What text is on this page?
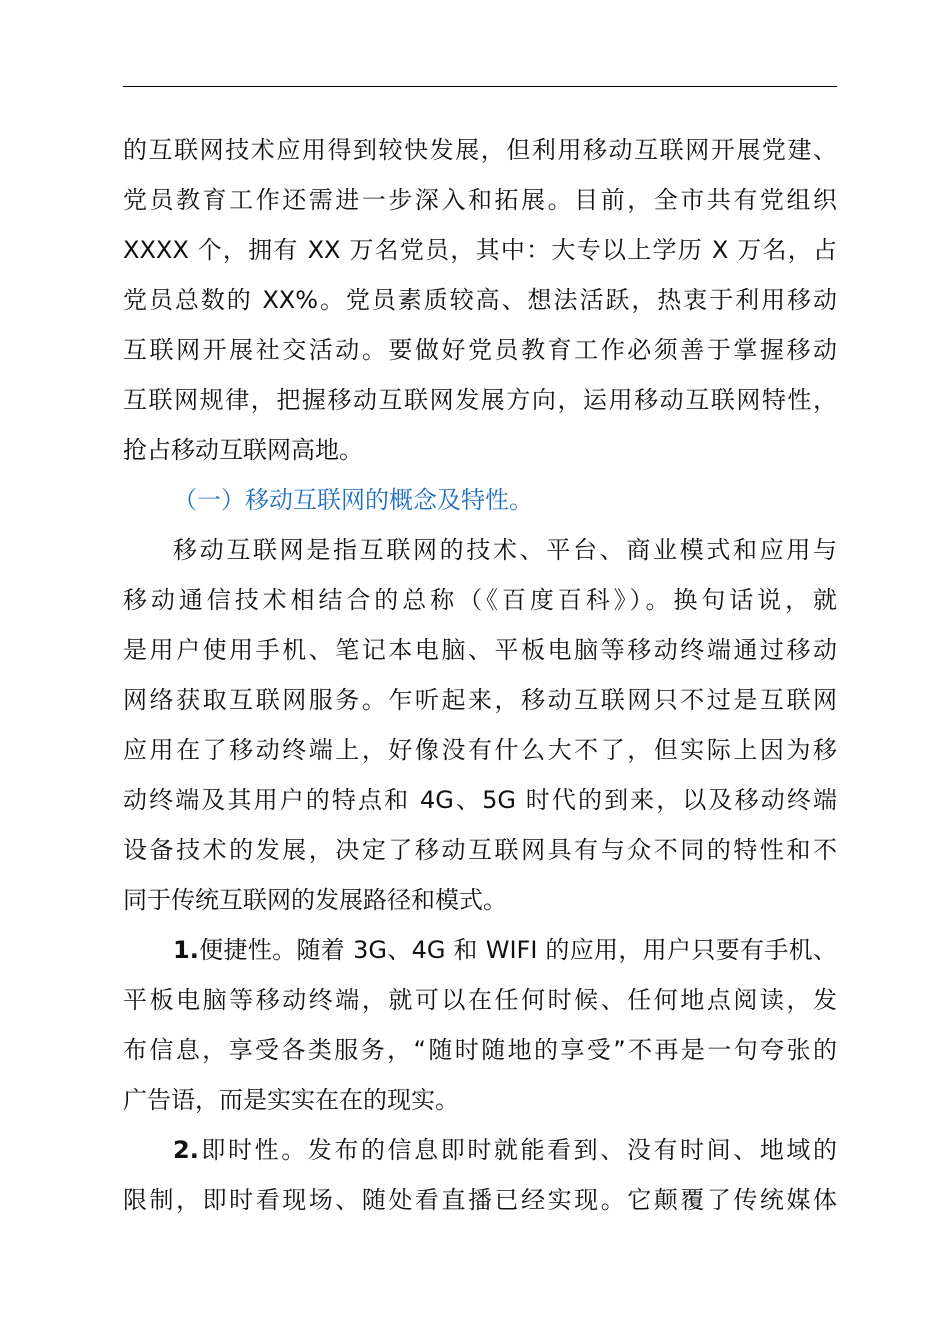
的互联网技术应用得到较快发展，但利用移动互联网开展党建、
党员教育工作还需进一步深入和拓展。目前，全市共有党组织
XXXX 个，拥有 XX 万名党员，其中：大专以上学历 X 万名，占
党员总数的 XX%。党员素质较高、想法活跃，热衷于利用移动
互联网开展社交活动。要做好党员教育工作必须善于掌握移动
互联网规律，把握移动互联网发展方向，运用移动互联网特性，
抢占移动互联网高地。
（一）移动互联网的概念及特性。
移动互联网是指互联网的技术、平台、商业模式和应用与
移动通信技术相结合的总称（《百度百科》）。换句话说，就
是用户使用手机、笔记本电脑、平板电脑等移动终端通过移动
网络获取互联网服务。乍听起来，移动互联网只不过是互联网
应用在了移动终端上，好像没有什么大不了，但实际上因为移
动终端及其用户的特点和 4G、5G 时代的到来，以及移动终端
设备技术的发展，决定了移动互联网具有与众不同的特性和不
同于传统互联网的发展路径和模式。
1.便捷性。随着 3G、4G 和 WIFI 的应用，用户只要有手机、
平板电脑等移动终端，就可以在任何时候、任何地点阅读，发
布信息，享受各类服务，“随时随地的享受”不再是一句夸张的
广告语，而是实实在在的现实。
2.即时性。发布的信息即时就能看到、没有时间、地域的
限制，即时看现场、随处看直播已经实现。它颠覆了传统媒体
